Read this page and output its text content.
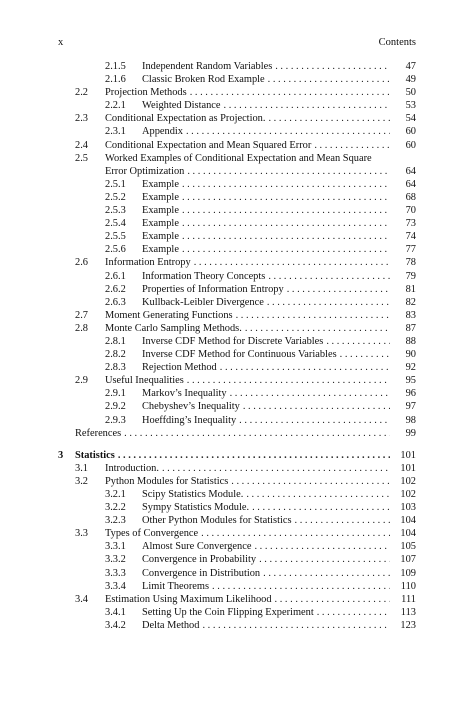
x	Contents
2.1.5 Independent Random Variables . . .	47
2.1.6 Classic Broken Rod Example . . .	49
2.2 Projection Methods . . .	50
2.2.1 Weighted Distance . . .	53
2.3 Conditional Expectation as Projection. . . .	54
2.3.1 Appendix . . .	60
2.4 Conditional Expectation and Mean Squared Error . . .	60
2.5 Worked Examples of Conditional Expectation and Mean Square
Error Optimization . . .	64
2.5.1 Example . . .	64
2.5.2 Example . . .	68
2.5.3 Example . . .	70
2.5.4 Example . . .	73
2.5.5 Example . . .	74
2.5.6 Example . . .	77
2.6 Information Entropy . . .	78
2.6.1 Information Theory Concepts . . .	79
2.6.2 Properties of Information Entropy . . .	81
2.6.3 Kullback-Leibler Divergence . . .	82
2.7 Moment Generating Functions . . .	83
2.8 Monte Carlo Sampling Methods. . . .	87
2.8.1 Inverse CDF Method for Discrete Variables . . .	88
2.8.2 Inverse CDF Method for Continuous Variables . . .	90
2.8.3 Rejection Method . . .	92
2.9 Useful Inequalities . . .	95
2.9.1 Markov’s Inequality . . .	96
2.9.2 Chebyshev’s Inequality . . .	97
2.9.3 Hoeffding’s Inequality . . .	98
References . . .	99
3 Statistics . . .	101
3.1 Introduction. . . .	101
3.2 Python Modules for Statistics . . .	102
3.2.1 Scipy Statistics Module. . . .	102
3.2.2 Sympy Statistics Module. . . .	103
3.2.3 Other Python Modules for Statistics . . .	104
3.3 Types of Convergence . . .	104
3.3.1 Almost Sure Convergence . . .	105
3.3.2 Convergence in Probability . . .	107
3.3.3 Convergence in Distribution . . .	109
3.3.4 Limit Theorems . . .	110
3.4 Estimation Using Maximum Likelihood . . .	111
3.4.1 Setting Up the Coin Flipping Experiment . . .	113
3.4.2 Delta Method . . .	123
